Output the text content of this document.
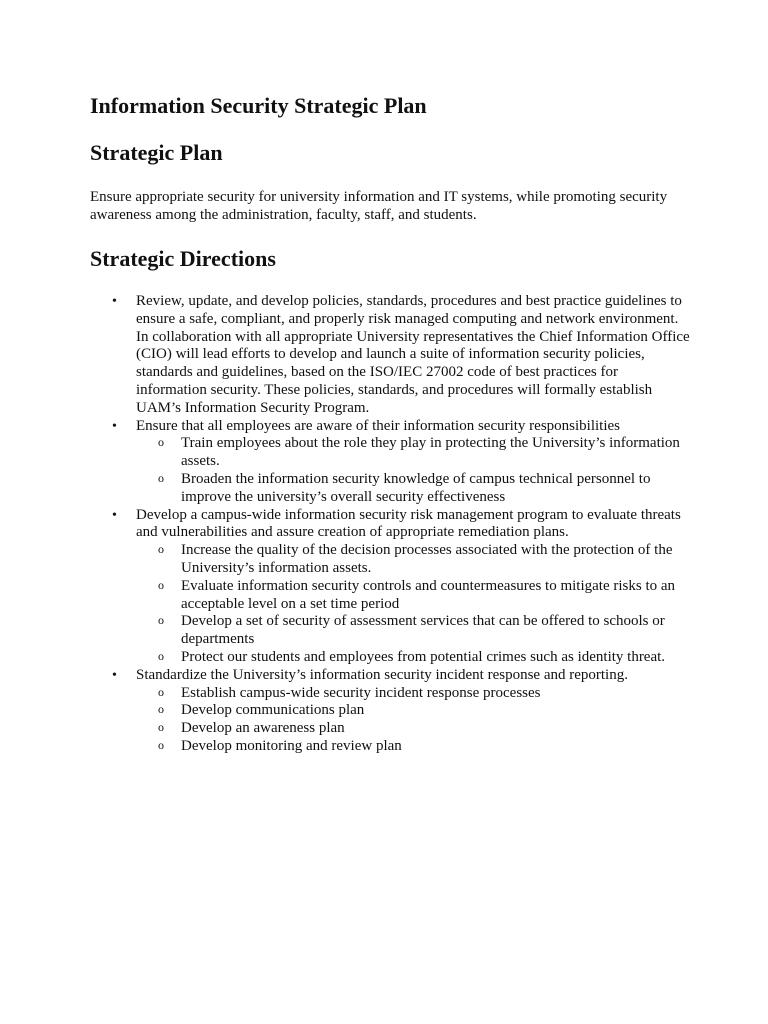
Information Security Strategic Plan
Strategic Plan

Ensure appropriate security for university information and IT systems, while promoting security awareness among the administration, faculty, staff, and students.

Strategic Directions
• Review, update, and develop policies, standards, procedures and best practice guidelines to ensure a safe, compliant, and properly risk managed computing and network environment. In collaboration with all appropriate University representatives the Chief Information Office (CIO) will lead efforts to develop and launch a suite of information security policies, standards and guidelines, based on the ISO/IEC 27002 code of best practices for information security. These policies, standards, and procedures will formally establish UAM’s Information Security Program.
• Ensure that all employees are aware of their information security responsibilities
o Train employees about the role they play in protecting the University’s information assets.
o Broaden the information security knowledge of campus technical personnel to improve the university’s overall security effectiveness
• Develop a campus-wide information security risk management program to evaluate threats and vulnerabilities and assure creation of appropriate remediation plans.
o Increase the quality of the decision processes associated with the protection of the University’s information assets.
o Evaluate information security controls and countermeasures to mitigate risks to an acceptable level on a set time period
o Develop a set of security of assessment services that can be offered to schools or departments
o Protect our students and employees from potential crimes such as identity threat.
• Standardize the University’s information security incident response and reporting.
o Establish campus-wide security incident response processes
o Develop communications plan
o Develop an awareness plan
o Develop monitoring and review plan
